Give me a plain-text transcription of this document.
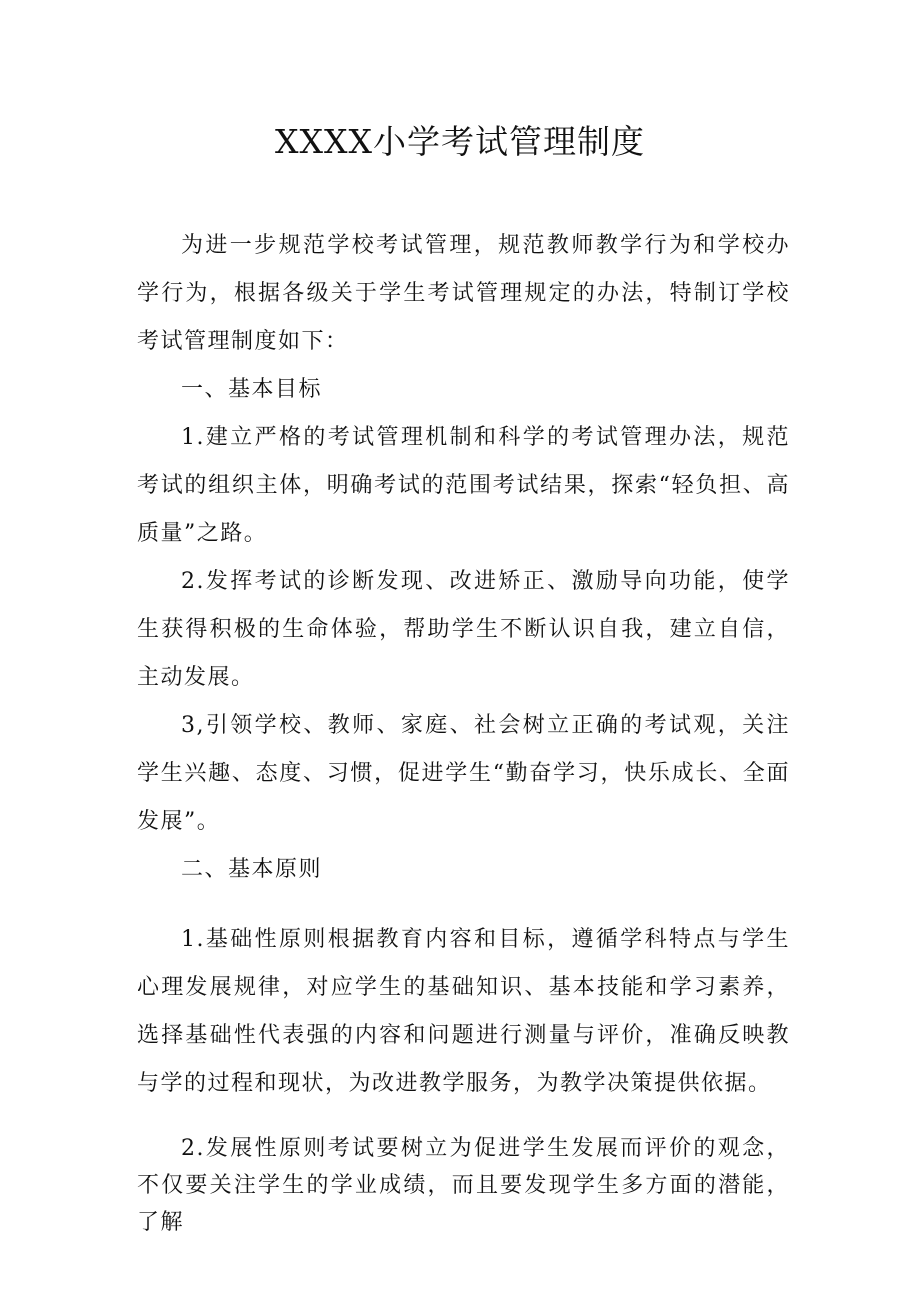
XXXX小学考试管理制度

为进一步规范学校考试管理，规范教师教学行为和学校办学行为，根据各级关于学生考试管理规定的办法，特制订学校考试管理制度如下：

一、基本目标

1.建立严格的考试管理机制和科学的考试管理办法，规范考试的组织主体，明确考试的范围考试结果，探索“轻负担、高质量”之路。

2.发挥考试的诊断发现、改进矫正、激励导向功能，使学生获得积极的生命体验，帮助学生不断认识自我，建立自信，主动发展。

3,引领学校、教师、家庭、社会树立正确的考试观，关注学生兴趣、态度、习惯，促进学生“勤奋学习，快乐成长、全面发展”。

二、基本原则

1.基础性原则根据教育内容和目标，遵循学科特点与学生心理发展规律，对应学生的基础知识、基本技能和学习素养，选择基础性代表强的内容和问题进行测量与评价，准确反映教与学的过程和现状，为改进教学服务，为教学决策提供依据。

2.发展性原则考试要树立为促进学生发展而评价的观念，不仅要关注学生的学业成绩，而且要发现学生多方面的潜能，了解
